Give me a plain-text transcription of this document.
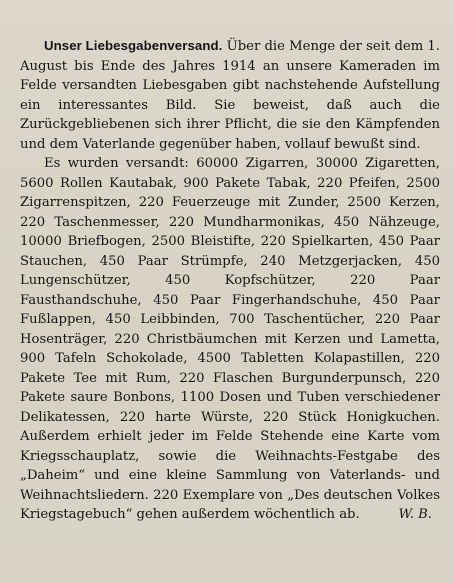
Unser Liebesgabenversand. Über die Menge der seit dem 1. August bis Ende des Jahres 1914 an unsere Kameraden im Felde versandten Liebesgaben gibt nachstehende Aufstellung ein interessantes Bild. Sie beweist, daß auch die Zurückgebliebenen sich ihrer Pflicht, die sie den Kämpfenden und dem Vaterlande gegenüber haben, vollauf bewußt sind.

Es wurden versandt: 60000 Zigarren, 30000 Zigaretten, 5600 Rollen Kautabak, 900 Pakete Tabak, 220 Pfeifen, 2500 Zigarrenspitzen, 220 Feuerzeuge mit Zunder, 2500 Kerzen, 220 Taschenmesser, 220 Mundharmonikas, 450 Nähzeuge, 10000 Briefbogen, 2500 Bleistifte, 220 Spielkarten, 450 Paar Stauchen, 450 Paar Strümpfe, 240 Metzgerjacken, 450 Lungenschützer, 450 Kopfschützer, 220 Paar Fausthandschuhe, 450 Paar Fingerhandschuhe, 450 Paar Fußlappen, 450 Leibbinden, 700 Taschentücher, 220 Paar Hosenträger, 220 Christbäumchen mit Kerzen und Lametta, 900 Tafeln Schokolade, 4500 Tabletten Kolapastillen, 220 Pakete Tee mit Rum, 220 Flaschen Burgunderpunsch, 220 Pakete saure Bonbons, 1100 Dosen und Tuben verschiedener Delikatessen, 220 harte Würste, 220 Stück Honigkuchen. Außerdem erhielt jeder im Felde Stehende eine Karte vom Kriegsschauplatz, sowie die Weihnachts-Festgabe des „Daheim“ und eine kleine Sammlung von Vaterlands- und Weihnachtsliedern. 220 Exemplare von „Des deutschen Volkes Kriegstagebuch“ gehen außerdem wöchentlich ab.	W. B.
